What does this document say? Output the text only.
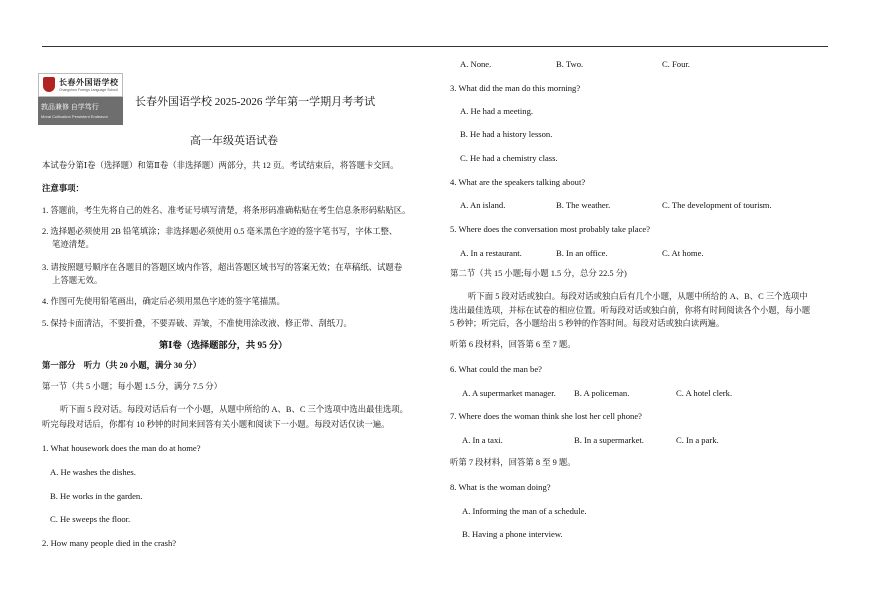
长春外国语学校
Changchun Foreign Language School
敦品兼修 自学笃行
Moral Cultivation Persistent Endeavor
长春外国语学校 2025-2026 学年第一学期月考考试
高一年级英语试卷
本试卷分第Ⅰ卷（选择题）和第Ⅱ卷（非选择题）两部分，共 12 页。考试结束后，将答题卡交回。
注意事项：
1. 答题前，考生先将自己的姓名、准考证号填写清楚，将条形码准确粘贴在考生信息条形码粘贴区。
2. 选择题必须使用 2B 铅笔填涂；非选择题必须使用 0.5 毫米黑色字迹的签字笔书写，字体工整、
笔迹清楚。
3. 请按照题号顺序在各题目的答题区域内作答，超出答题区域书写的答案无效；在草稿纸、试题卷
上答题无效。
4. 作图可先使用铅笔画出，确定后必须用黑色字迹的签字笔描黑。
5. 保持卡面清洁，不要折叠，不要弄破、弄皱，不准使用涂改液、修正带、刮纸刀。
第Ⅰ卷（选择题部分，共 95 分）
第一部分　听力（共 20 小题，满分 30 分）
第一节（共 5 小题；每小题 1.5 分，满分 7.5 分）
听下面 5 段对话。每段对话后有一个小题，从题中所给的 A、B、C 三个选项中选出最佳选项。
听完每段对话后，你都有 10 秒钟的时间来回答有关小题和阅读下一小题。每段对话仅读一遍。
1. What housework does the man do at home?
A. He washes the dishes.
B. He works in the garden.
C. He sweeps the floor.
2. How many people died in the crash?
A. None.	B. Two.	C. Four.
3. What did the man do this morning?
A. He had a meeting.
B. He had a history lesson.
C. He had a chemistry class.
4. What are the speakers talking about?
A. An island.	B. The weather.	C. The development of tourism.
5. Where does the conversation most probably take place?
A. In a restaurant.	B. In an office.	C. At home.
第二节（共 15 小题;每小题 1.5 分，总分 22.5 分)
听下面 5 段对话或独白。每段对话或独白后有几个小题，从题中所给的 A、B、C 三个选项中
选出最佳选项，并标在试卷的相应位置。听每段对话或独白前，你将有时间阅读各个小题，每小题
5 秒钟；听完后，各小题给出 5 秒钟的作答时间。每段对话或独白读两遍。
听第 6 段材料，回答第 6 至 7 题。
6. What could the man be?
A. A supermarket manager. B. A policeman.	C. A hotel clerk.
7. Where does the woman think she lost her cell phone?
A. In a taxi.	B. In a supermarket.	C. In a park.
听第 7 段材料，回答第 8 至 9 题。
8. What is the woman doing?
A. Informing the man of a schedule.
B. Having a phone interview.
